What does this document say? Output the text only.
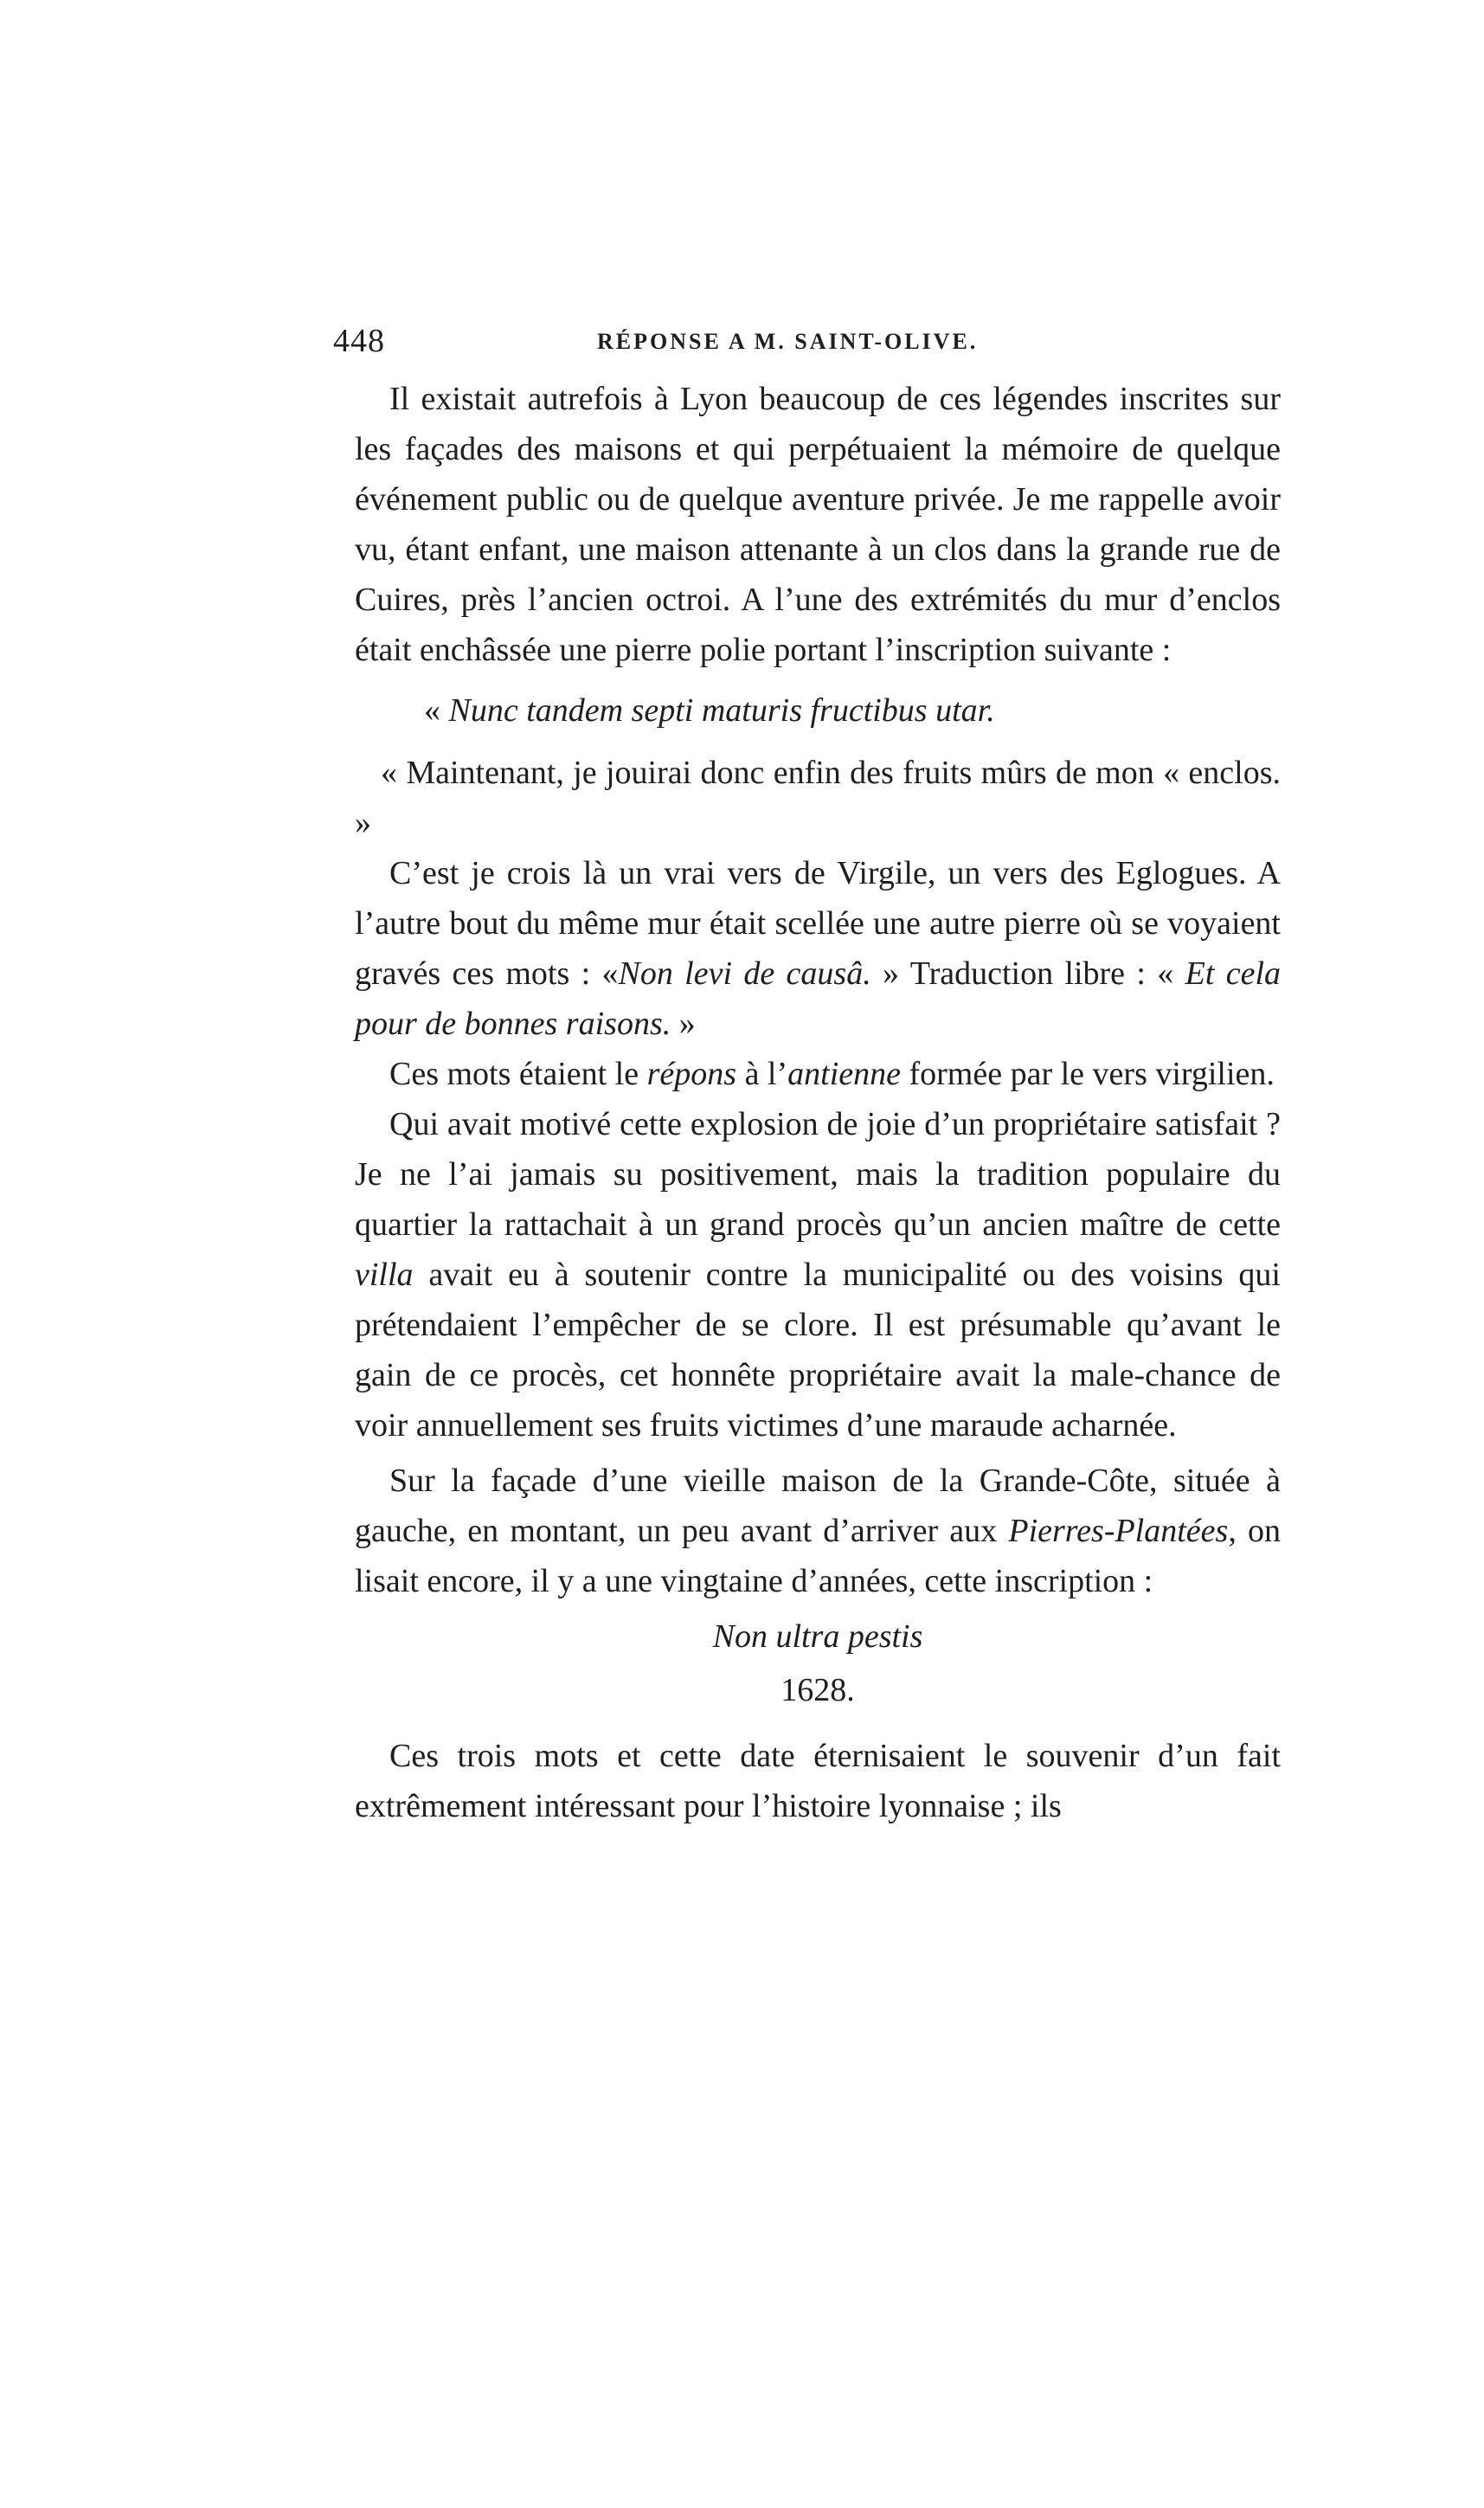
448	RÉPONSE A M. SAINT-OLIVE.

Il existait autrefois à Lyon beaucoup de ces légendes inscrites sur les façades des maisons et qui perpétuaient la mémoire de quelque événement public ou de quelque aventure privée. Je me rappelle avoir vu, étant enfant, une maison attenante à un clos dans la grande rue de Cuires, près l’ancien octroi. A l’une des extrémités du mur d’enclos était enchâssée une pierre polie portant l’inscription suivante :

« Nunc tandem septi maturis fructibus utar.

« Maintenant, je jouirai donc enfin des fruits mûrs de mon « enclos. »

C’est je crois là un vrai vers de Virgile, un vers des Eglogues. A l’autre bout du même mur était scellée une autre pierre où se voyaient gravés ces mots : «Non levi de causâ. » Traduction libre : « Et cela pour de bonnes raisons. »

Ces mots étaient le répons à l’antienne formée par le vers virgilien.

Qui avait motivé cette explosion de joie d’un propriétaire satisfait ? Je ne l’ai jamais su positivement, mais la tradition populaire du quartier la rattachait à un grand procès qu’un ancien maître de cette villa avait eu à soutenir contre la municipalité ou des voisins qui prétendaient l’empêcher de se clore. Il est présumable qu’avant le gain de ce procès, cet honnête propriétaire avait la male-chance de voir annuellement ses fruits victimes d’une maraude acharnée.

Sur la façade d’une vieille maison de la Grande-Côte, située à gauche, en montant, un peu avant d’arriver aux Pierres-Plantées, on lisait encore, il y a une vingtaine d’années, cette inscription :

Non ultra pestis

1628.

Ces trois mots et cette date éternisaient le souvenir d’un fait extrêmement intéressant pour l’histoire lyonnaise ; ils
